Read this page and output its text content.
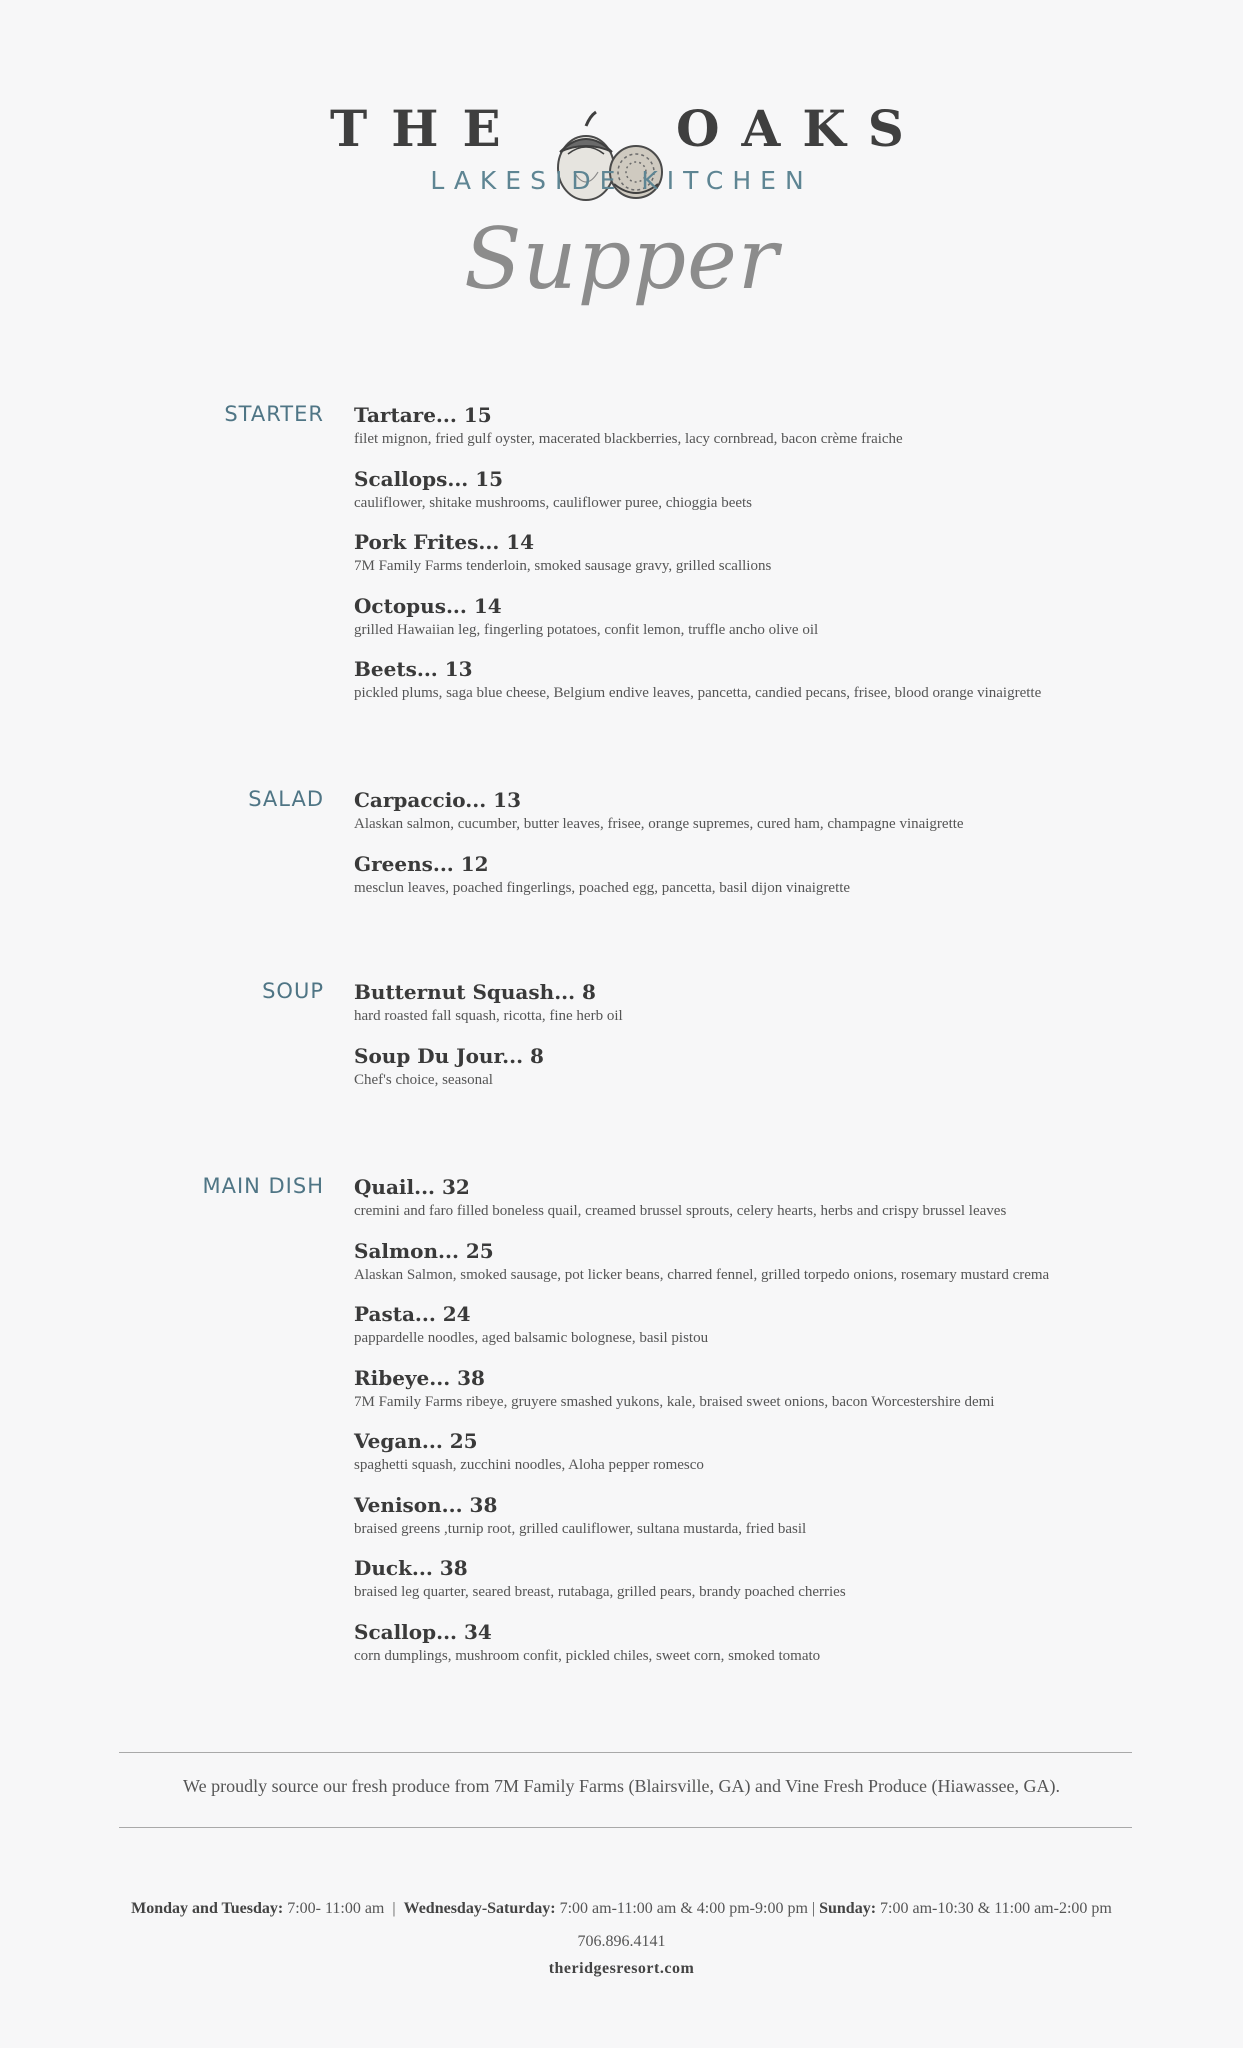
THE	OAKS
LAKESIDE KITCHEN
Supper
STARTER Tartare... 15
filet mignon, fried gulf oyster, macerated blackberries, lacy cornbread, bacon crème fraiche
Scallops... 15
cauliflower, shitake mushrooms, cauliflower puree, chioggia beets
Pork Frites... 14
7M Family Farms tenderloin, smoked sausage gravy, grilled scallions
Octopus... 14
grilled Hawaiian leg, fingerling potatoes, confit lemon, truffle ancho olive oil
Beets... 13
pickled plums, saga blue cheese, Belgium endive leaves, pancetta, candied pecans, frisee, blood orange vinaigrette
SALAD Carpaccio... 13
Alaskan salmon, cucumber, butter leaves, frisee, orange supremes, cured ham, champagne vinaigrette
Greens... 12
mesclun leaves, poached fingerlings, poached egg, pancetta, basil dijon vinaigrette
SOUP Butternut Squash... 8
hard roasted fall squash, ricotta, fine herb oil
Soup Du Jour... 8
Chef's choice, seasonal
MAIN DISH Quail... 32
cremini and faro filled boneless quail, creamed brussel sprouts, celery hearts, herbs and crispy brussel leaves
Salmon... 25
Alaskan Salmon, smoked sausage, pot licker beans, charred fennel, grilled torpedo onions, rosemary mustard crema
Pasta... 24
pappardelle noodles, aged balsamic bolognese, basil pistou
Ribeye... 38
7M Family Farms ribeye, gruyere smashed yukons, kale, braised sweet onions, bacon Worcestershire demi
Vegan... 25
spaghetti squash, zucchini noodles, Aloha pepper romesco
Venison... 38
braised greens ,turnip root, grilled cauliflower, sultana mustarda, fried basil
Duck... 38
braised leg quarter, seared breast, rutabaga, grilled pears, brandy poached cherries
Scallop... 34
corn dumplings, mushroom confit, pickled chiles, sweet corn, smoked tomato
We proudly source our fresh produce from 7M Family Farms (Blairsville, GA) and Vine Fresh Produce (Hiawassee, GA).
Monday and Tuesday: 7:00- 11:00 am  |  Wednesday-Saturday: 7:00 am-11:00 am & 4:00 pm-9:00 pm | Sunday: 7:00 am-10:30 & 11:00 am-2:00 pm
706.896.4141
theridgesresort.com
